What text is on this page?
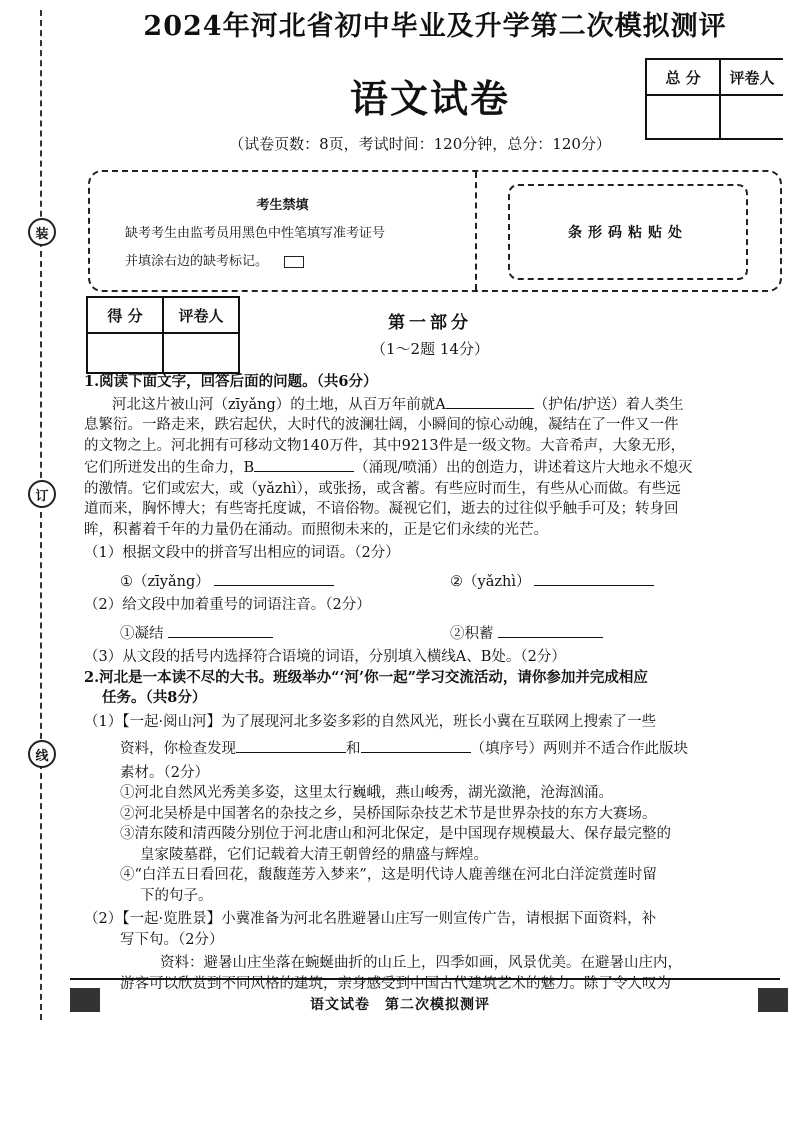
装
订
线
2024年河北省初中毕业及升学第二次模拟测评
语文试卷
（试卷页数：8页，考试时间：120分钟，总分：120分）
总 分	评卷人

考生禁填
缺考考生由监考员用黑色中性笔填写准考证号
并填涂右边的缺考标记。
条形码粘贴处
得 分	评卷人
		第一部分
（1～2题 14分）
1.阅读下面文字，回答后面的问题。（共6分）
河北这片被山河（zīyǎng）的土地，从百万年前就A	（护佑/护送）着人类生
息繁衍。一路走来，跌宕起伏，大时代的波澜壮阔，小瞬间的惊心动魄，凝结在了一件又一件
的文物之上。河北拥有可移动文物140万件，其中9213件是一级文物。大音希声，大象无形，
它们所迸发出的生命力，B	（涌现/喷涌）出的创造力，讲述着这片大地永不熄灭
的激情。它们或宏大，或（yǎzhì），或张扬，或含蓄。有些应时而生，有些从心而做。有些远
道而来，胸怀博大；有些寄托度诚，不谙俗物。凝视它们，逝去的过往似乎触手可及；转身回
眸，积蓄着千年的力量仍在涌动。而照彻未来的，正是它们永续的光芒。
（1）根据文段中的拼音写出相应的词语。（2分）
①（zīyǎng）	②（yǎzhì）
（2）给文段中加着重号的词语注音。（2分）
①凝结	②积蓄
（3）从文段的括号内选择符合语境的词语，分别填入横线A、B处。（2分）
2.河北是一本读不尽的大书。班级举办“‘河’你一起”学习交流活动，请你参加并完成相应
任务。（共8分）
（1）【一起·阅山河】为了展现河北多姿多彩的自然风光，班长小冀在互联网上搜索了一些
资料，你检查发现	和	（填序号）两则并不适合作此版块
素材。（2分）
①河北自然风光秀美多姿，这里太行巍峨，燕山峻秀，湖光潋滟，沧海汹涌。
②河北吴桥是中国著名的杂技之乡，吴桥国际杂技艺术节是世界杂技的东方大赛场。
③清东陵和清西陵分别位于河北唐山和河北保定，是中国现存规模最大、保存最完整的
皇家陵墓群，它们记载着大清王朝曾经的鼎盛与辉煌。
④“白洋五日看回花，馥馥莲芳入梦来”，这是明代诗人鹿善继在河北白洋淀赏莲时留
下的句子。
（2）【一起·览胜景】小冀准备为河北名胜避暑山庄写一则宣传广告，请根据下面资料，补
写下句。（2分）
资料：避暑山庄坐落在蜿蜒曲折的山丘上，四季如画，风景优美。在避暑山庄内，
游客可以欣赏到不同风格的建筑，亲身感受到中国古代建筑艺术的魅力。除了令人叹为
语文试卷　第二次模拟测评
